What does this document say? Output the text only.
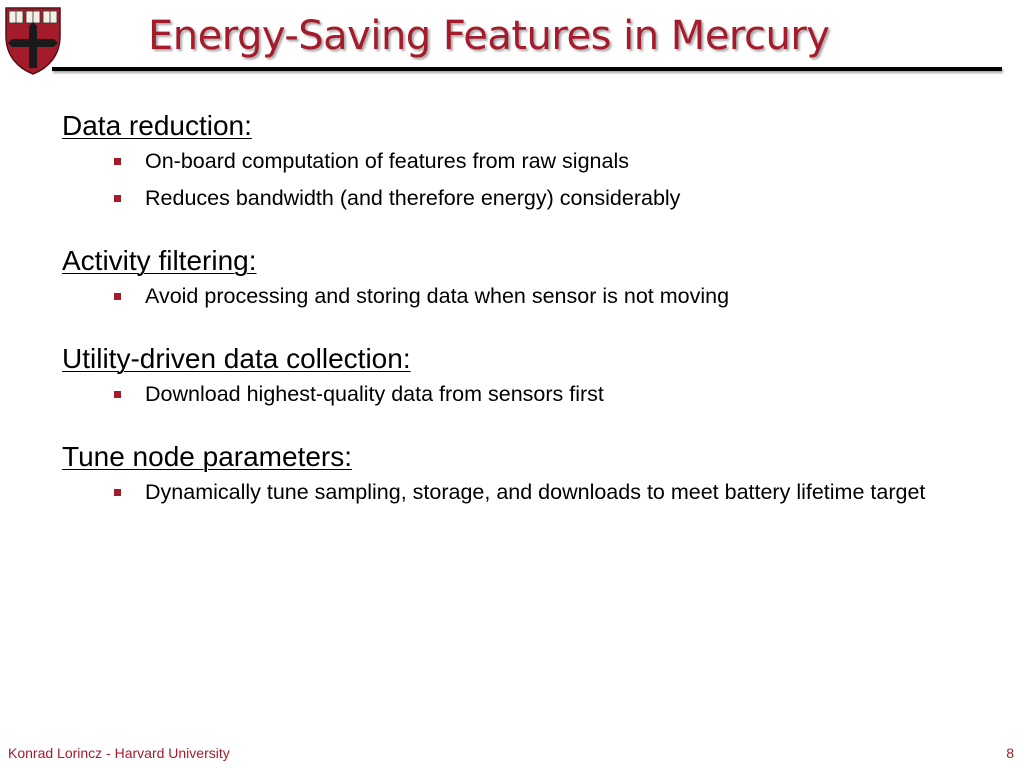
Energy-Saving Features in Mercury
Data reduction:
On-board computation of features from raw signals
Reduces bandwidth (and therefore energy) considerably
Activity filtering:
Avoid processing and storing data when sensor is not moving
Utility-driven data collection:
Download highest-quality data from sensors first
Tune node parameters:
Dynamically tune sampling, storage, and downloads to meet battery lifetime target
Konrad Lorincz - Harvard University	8
